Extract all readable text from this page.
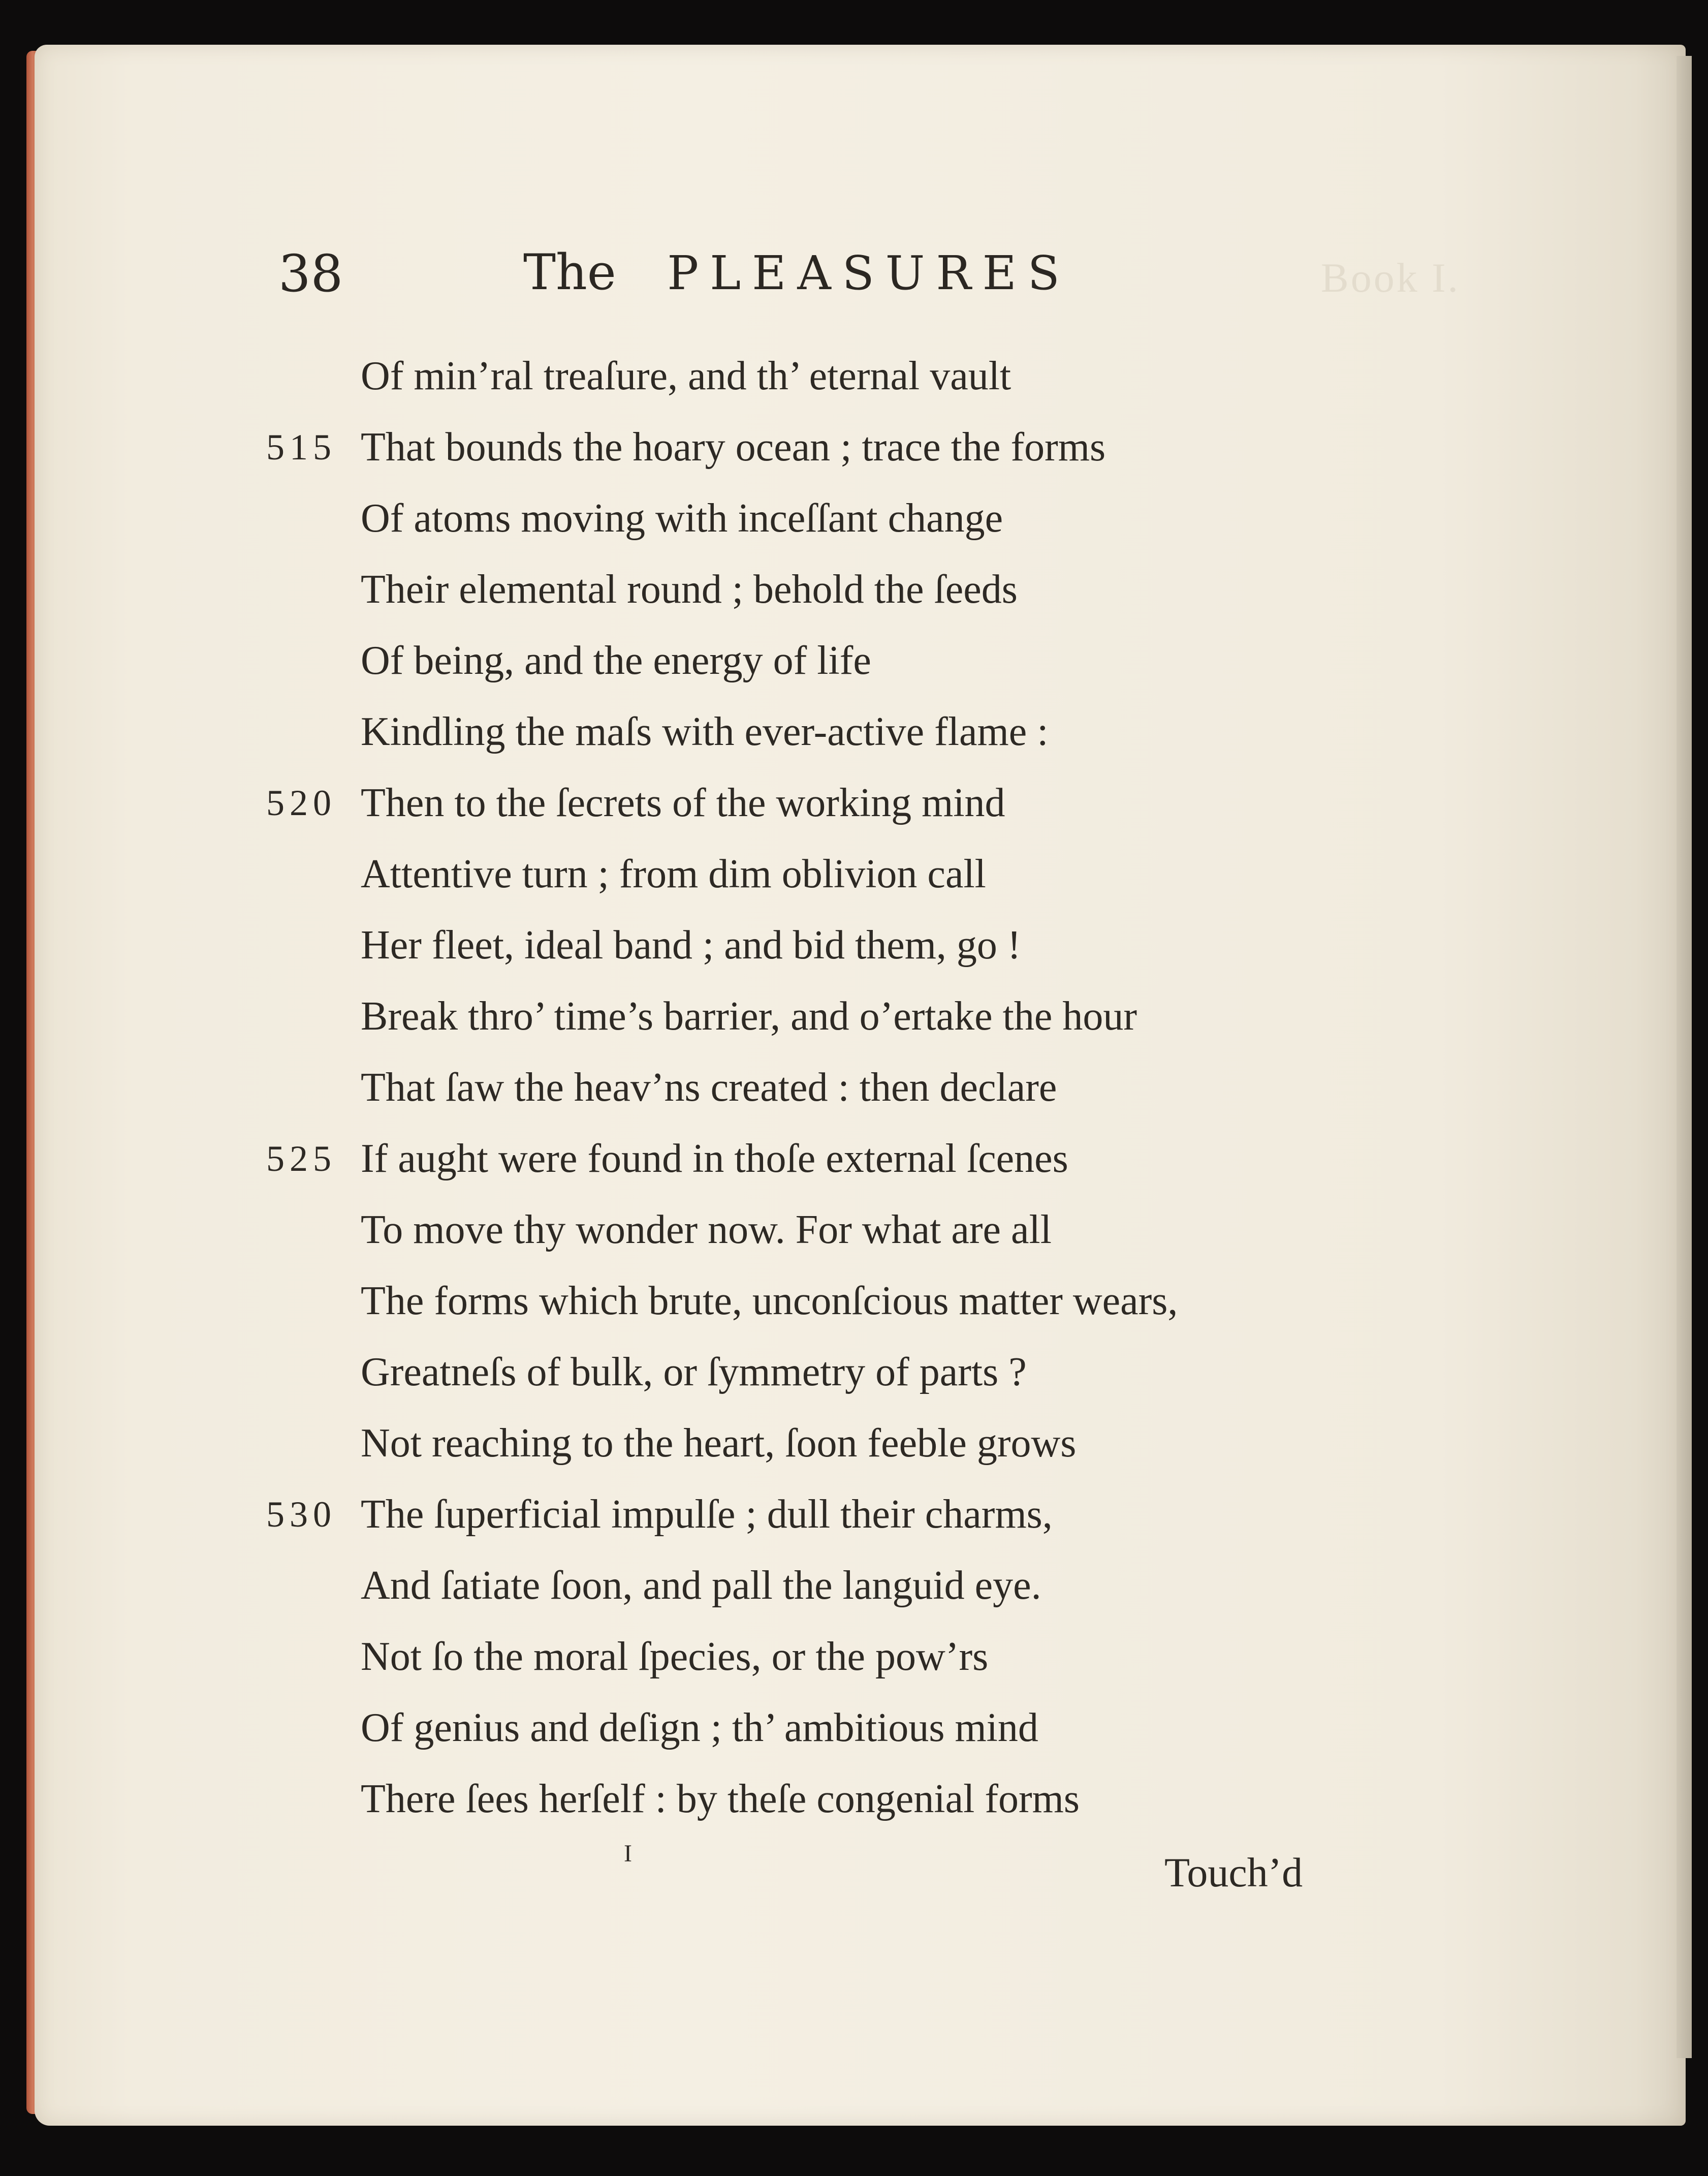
Book I.
38	The PLEASURES
Of min’ral treaſure, and th’ eternal vault
515 That bounds the hoary ocean ; trace the forms
Of atoms moving with inceſſant change
Their elemental round ; behold the ſeeds
Of being, and the energy of life
Kindling the maſs with ever-active flame :
520 Then to the ſecrets of the working mind
Attentive turn ; from dim oblivion call
Her fleet, ideal band ; and bid them, go !
Break thro’ time’s barrier, and o’ertake the hour
That ſaw the heav’ns created : then declare
525 If aught were found in thoſe external ſcenes
To move thy wonder now. For what are all
The forms which brute, unconſcious matter wears,
Greatneſs of bulk, or ſymmetry of parts ?
Not reaching to the heart, ſoon feeble grows
530 The ſuperficial impulſe ; dull their charms,
And ſatiate ſoon, and pall the languid eye.
Not ſo the moral ſpecies, or the pow’rs
Of genius and deſign ; th’ ambitious mind
There ſees herſelf : by theſe congenial forms
I	Touch’d
